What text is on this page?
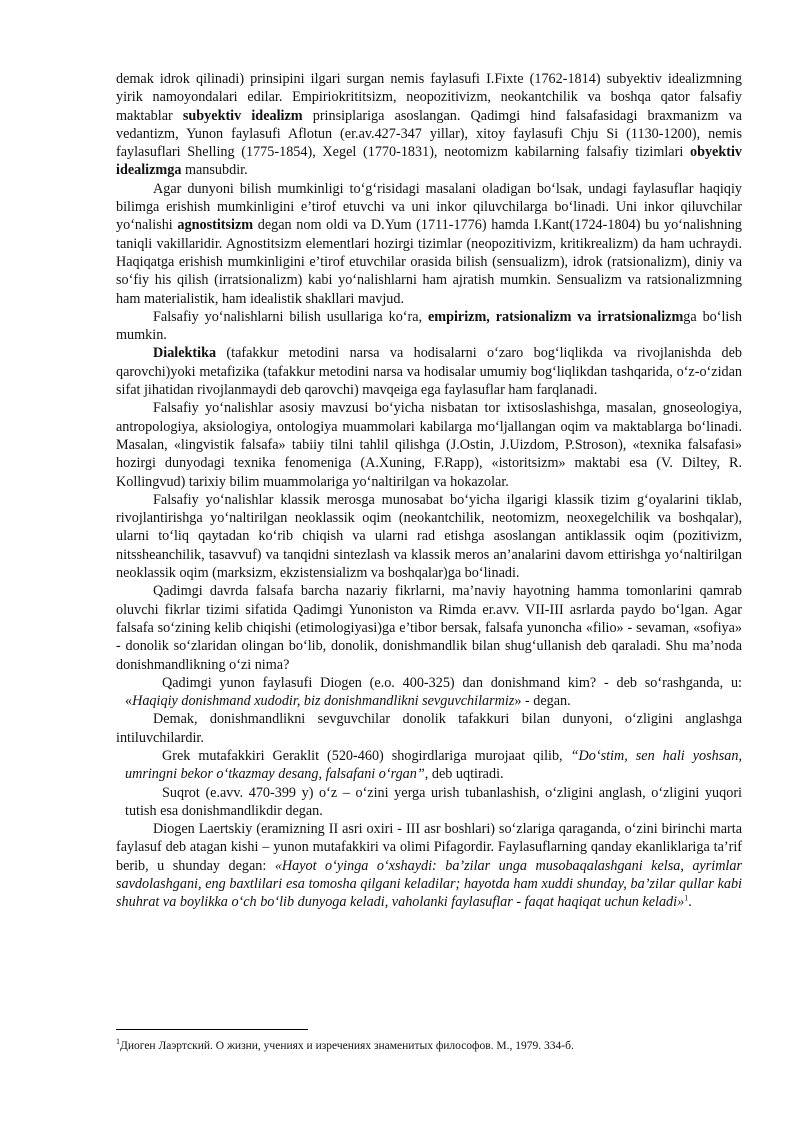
demak idrok qilinadi) prinsipini ilgari surgan nemis faylasufi I.Fixte (1762-1814) subyektiv idealizmning yirik namoyondalari edilar. Empiriokrititsizm, neopozitivizm, neokantchilik va boshqa qator falsafiy maktablar subyektiv idealizm prinsiplariga asoslangan. Qadimgi hind falsafasidagi braxmanizm va vedantizm, Yunon faylasufi Aflotun (er.av.427-347 yillar), xitoy faylasufi Chju Si (1130-1200), nemis faylasuflari Shelling (1775-1854), Xegel (1770-1831), neotomizm kabilarning falsafiy tizimlari obyektiv idealizmga mansubdir.

Agar dunyoni bilish mumkinligi to‘g‘risidagi masalani oladigan bo‘lsak, undagi faylasuflar haqiqiy bilimga erishish mumkinligini e’tirof etuvchi va uni inkor qiluvchilarga bo‘linadi. Uni inkor qiluvchilar yo‘nalishi agnostitsizm degan nom oldi va D.Yum (1711-1776) hamda I.Kant(1724-1804) bu yo‘nalishning taniqli vakillaridir. Agnostitsizm elementlari hozirgi tizimlar (neopozitivizm, kritikrealizm) da ham uchraydi. Haqiqatga erishish mumkinligini e’tirof etuvchilar orasida bilish (sensualizm), idrok (ratsionalizm), diniy va so‘fiy his qilish (irratsionalizm) kabi yo‘nalishlarni ham ajratish mumkin. Sensualizm va ratsionalizmning ham materialistik, ham idealistik shakllari mavjud.

Falsafiy yo‘nalishlarni bilish usullariga ko‘ra, empirizm, ratsionalizm va irratsionalizmga bo‘lish mumkin.

Dialektika (tafakkur metodini narsa va hodisalarni o‘zaro bog‘liqlikda va rivojlanishda deb qarovchi)yoki metafizika (tafakkur metodini narsa va hodisalar umumiy bog‘liqlikdan tashqarida, o‘z-o‘zidan sifat jihatidan rivojlanmaydi deb qarovchi) mavqeiga ega faylasuflar ham farqlanadi.

Falsafiy yo‘nalishlar asosiy mavzusi bo‘yicha nisbatan tor ixtisoslashishga, masalan, gnoseologiya, antropologiya, aksiologiya, ontologiya muammolari kabilarga mo‘ljallangan oqim va maktablarga bo‘linadi. Masalan, «lingvistik falsafa» tabiiy tilni tahlil qilishga (J.Ostin, J.Uizdom, P.Stroson), «texnika falsafasi» hozirgi dunyodagi texnika fenomeniga (A.Xuning, F.Rapp), «istoritsizm» maktabi esa (V. Diltey, R. Kollingvud) tarixiy bilim muammolariga yo‘naltirilgan va hokazolar.

Falsafiy yo‘nalishlar klassik merosga munosabat bo‘yicha ilgarigi klassik tizim g‘oyalarini tiklab, rivojlantirishga yo‘naltirilgan neoklassik oqim (neokantchilik, neotomizm, neoxegelchilik va boshqalar), ularni to‘liq qaytadan ko‘rib chiqish va ularni rad etishga asoslangan antiklassik oqim (pozitivizm, nitssheanchilik, tasavvuf) va tanqidni sintezlash va klassik meros an’analarini davom ettirishga yo‘naltirilgan neoklassik oqim (marksizm, ekzistensializm va boshqalar)ga bo‘linadi.

Qadimgi davrda falsafa barcha nazariy fikrlarni, ma’naviy hayotning hamma tomonlarini qamrab oluvchi fikrlar tizimi sifatida Qadimgi Yunoniston va Rimda er.avv. VII-III asrlarda paydo bo‘lgan. Agar falsafa so‘zining kelib chiqishi (etimologiyasi)ga e’tibor bersak, falsafa yunoncha «filio» - sevaman, «sofiya» - donolik so‘zlaridan olingan bo‘lib, donolik, donishmandlik bilan shug‘ullanish deb qaraladi. Shu ma’noda donishmandlikning o‘zi nima?

Qadimgi yunon faylasufi Diogen (e.o. 400-325) dan donishmand kim? - deb so‘rashganda, u: «Haqiqiy donishmand xudodir, biz donishmandlikni sevguvchilarmiz» - degan.

Demak, donishmandlikni sevguvchilar donolik tafakkuri bilan dunyoni, o‘zligini anglashga intiluvchilardir.

Grek mutafakkiri Geraklit (520-460) shogirdlariga murojaat qilib, “Do‘stim, sen hali yoshsan, umringni bekor o‘tkazmay desang, falsafani o‘rgan”, deb uqtiradi.

Suqrot (e.avv. 470-399 y) o‘z – o‘zini yerga urish tubanlashish, o‘zligini anglash, o‘zligini yuqori tutish esa donishmandlikdir degan.

Diogen Laertskiy (eramizning II asri oxiri - III asr boshlari) so‘zlariga qaraganda, o‘zini birinchi marta faylasuf deb atagan kishi – yunon mutafakkiri va olimi Pifagordir. Faylasuflarning qanday ekanliklariga ta’rif berib, u shunday degan: «Hayot o‘yinga o‘xshaydi: ba’zilar unga musobaqalashgani kelsa, ayrimlar savdolashgani, eng baxtlilari esa tomosha qilgani keladilar; hayotda ham xuddi shunday, ba’zilar qullar kabi shuhrat va boylikka o‘ch bo‘lib dunyoga keladi, vaholanki faylasuflar - faqat haqiqat uchun keladi»$^1$.

$^1$Диоген Лаэртский. О жизни, учениях и изречениях знаменитых философов. М., 1979. 334-б.
